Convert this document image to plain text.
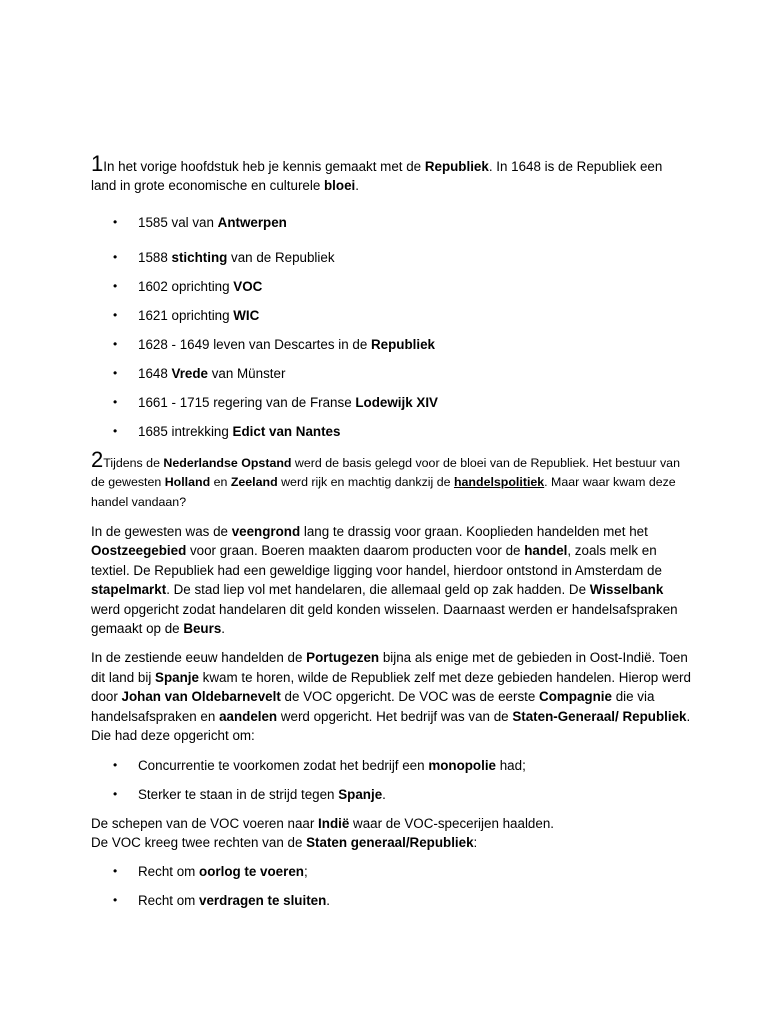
1In het vorige hoofdstuk heb je kennis gemaakt met de Republiek. In 1648 is de Republiek een land in grote economische en culturele bloei.

• 1585 val van Antwerpen
• 1588 stichting van de Republiek
• 1602 oprichting VOC
• 1621 oprichting WIC
• 1628 - 1649 leven van Descartes in de Republiek
• 1648 Vrede van Münster
• 1661 - 1715 regering van de Franse Lodewijk XIV
• 1685 intrekking Edict van Nantes

2Tijdens de Nederlandse Opstand werd de basis gelegd voor de bloei van de Republiek. Het bestuur van de gewesten Holland en Zeeland werd rijk en machtig dankzij de handelspolitiek. Maar waar kwam deze handel vandaan?

In de gewesten was de veengrond lang te drassig voor graan. Kooplieden handelden met het Oostzeegebied voor graan. Boeren maakten daarom producten voor de handel, zoals melk en textiel. De Republiek had een geweldige ligging voor handel, hierdoor ontstond in Amsterdam de stapelmarkt. De stad liep vol met handelaren, die allemaal geld op zak hadden. De Wisselbank werd opgericht zodat handelaren dit geld konden wisselen. Daarnaast werden er handelsafspraken gemaakt op de Beurs.

In de zestiende eeuw handelden de Portugezen bijna als enige met de gebieden in Oost-Indië. Toen dit land bij Spanje kwam te horen, wilde de Republiek zelf met deze gebieden handelen. Hierop werd door Johan van Oldebarnevelt de VOC opgericht. De VOC was de eerste Compagnie die via handelsafspraken en aandelen werd opgericht. Het bedrijf was van de Staten-Generaal/ Republiek. Die had deze opgericht om:

• Concurrentie te voorkomen zodat het bedrijf een monopolie had;
• Sterker te staan in de strijd tegen Spanje.

De schepen van de VOC voeren naar Indië waar de VOC-specerijen haalden.
De VOC kreeg twee rechten van de Staten generaal/Republiek:

• Recht om oorlog te voeren;
• Recht om verdragen te sluiten.
